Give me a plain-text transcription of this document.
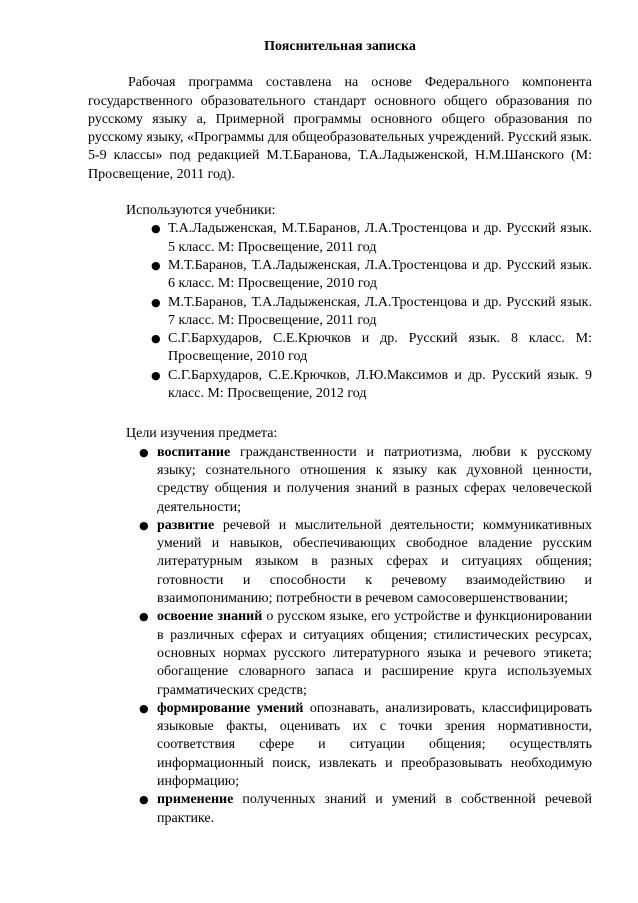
Пояснительная записка

Рабочая программа составлена на основе Федерального компонента государственного образовательного стандарт основного общего образования по русскому языку а, Примерной программы основного общего образования по русскому языку, «Программы для общеобразовательных учреждений. Русский язык. 5-9 классы» под редакцией М.Т.Баранова, Т.А.Ладыженской, Н.М.Шанского (М: Просвещение, 2011 год).

Используются учебники:

● Т.А.Ладыженская, М.Т.Баранов, Л.А.Тростенцова и др. Русский язык. 5 класс. М: Просвещение, 2011 год
● М.Т.Баранов, Т.А.Ладыженская, Л.А.Тростенцова и др. Русский язык. 6 класс. М: Просвещение, 2010 год
● М.Т.Баранов, Т.А.Ладыженская, Л.А.Тростенцова и др. Русский язык. 7 класс. М: Просвещение, 2011 год
● С.Г.Бархударов, С.Е.Крючков и др. Русский язык. 8 класс. М: Просвещение, 2010 год
● С.Г.Бархударов, С.Е.Крючков, Л.Ю.Максимов и др. Русский язык. 9 класс. М: Просвещение, 2012 год

Цели изучения предмета:

● воспитание гражданственности и патриотизма, любви к русскому языку; сознательного отношения к языку как духовной ценности, средству общения и получения знаний в разных сферах человеческой деятельности;
● развитие речевой и мыслительной деятельности; коммуникативных умений и навыков, обеспечивающих свободное владение русским литературным языком в разных сферах и ситуациях общения; готовности и способности к речевому взаимодействию и взаимопониманию; потребности в речевом самосовершенствовании;
● освоение знаний о русском языке, его устройстве и функционировании в различных сферах и ситуациях общения; стилистических ресурсах, основных нормах русского литературного языка и речевого этикета; обогащение словарного запаса и расширение круга используемых грамматических средств;
● формирование умений опознавать, анализировать, классифицировать языковые факты, оценивать их с точки зрения нормативности, соответствия сфере и ситуации общения; осуществлять информационный поиск, извлекать и преобразовывать необходимую информацию;
● применение полученных знаний и умений в собственной речевой практике.
